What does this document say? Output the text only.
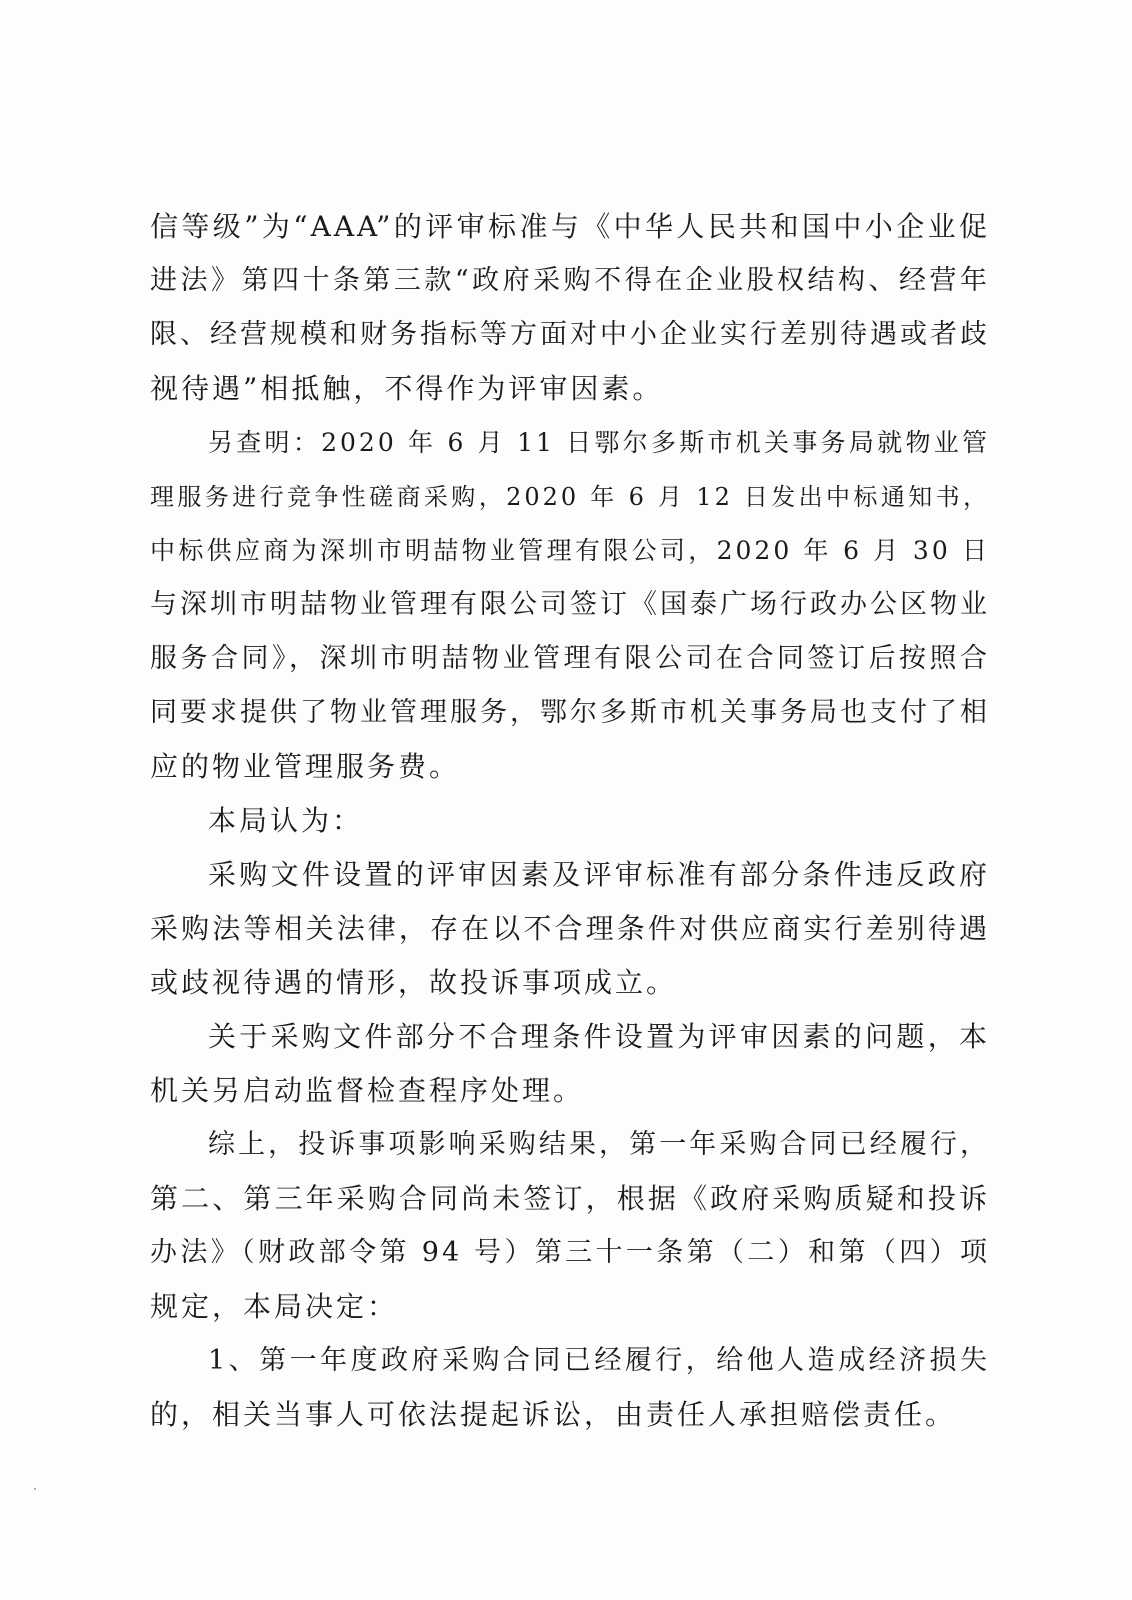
信等级”为“AAA”的评审标准与《中华人民共和国中小企业促
进法》第四十条第三款“政府采购不得在企业股权结构、经营年
限、经营规模和财务指标等方面对中小企业实行差别待遇或者歧
视待遇”相抵触，不得作为评审因素。
另查明：2020 年 6 月 11 日鄂尔多斯市机关事务局就物业管
理服务进行竞争性磋商采购，2020 年 6 月 12 日发出中标通知书，
中标供应商为深圳市明喆物业管理有限公司，2020 年 6 月 30 日
与深圳市明喆物业管理有限公司签订《国泰广场行政办公区物业
服务合同》，深圳市明喆物业管理有限公司在合同签订后按照合
同要求提供了物业管理服务，鄂尔多斯市机关事务局也支付了相
应的物业管理服务费。
本局认为：
采购文件设置的评审因素及评审标准有部分条件违反政府
采购法等相关法律，存在以不合理条件对供应商实行差别待遇
或歧视待遇的情形，故投诉事项成立。
关于采购文件部分不合理条件设置为评审因素的问题，本
机关另启动监督检查程序处理。
综上，投诉事项影响采购结果，第一年采购合同已经履行，
第二、第三年采购合同尚未签订，根据《政府采购质疑和投诉
办法》（财政部令第 94 号）第三十一条第（二）和第（四）项
规定，本局决定：
1、第一年度政府采购合同已经履行，给他人造成经济损失
的，相关当事人可依法提起诉讼，由责任人承担赔偿责任。
